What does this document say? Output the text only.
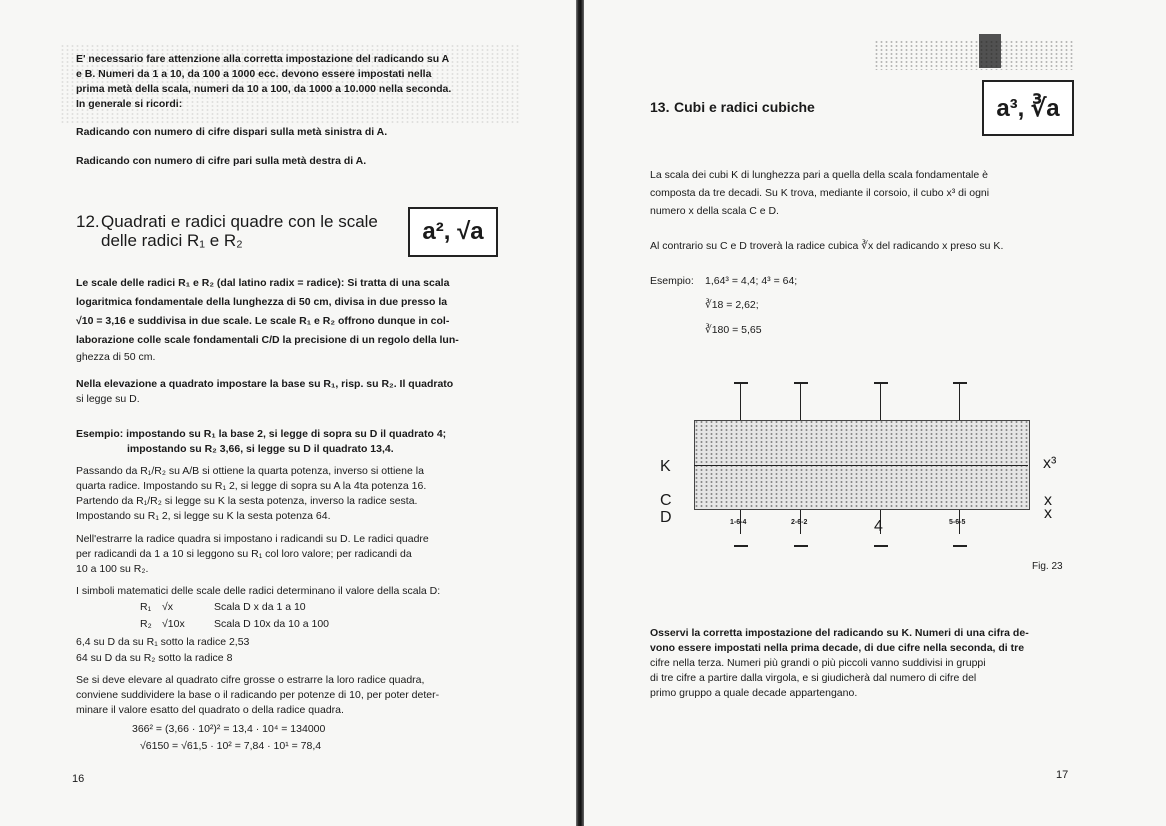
E' necessario fare attenzione alla corretta impostazione del radicando su A
e B. Numeri da 1 a 10, da 100 a 1000 ecc. devono essere impostati nella
prima metà della scala, numeri da 10 a 100, da 1000 a 10.000 nella seconda.
In generale si ricordi:
Radicando con numero di cifre dispari sulla metà sinistra di A.
Radicando con numero di cifre pari sulla metà destra di A.
12. Quadrati e radici quadre con le scale
delle radici R₁ e R₂	a², √a
Le scale delle radici R₁ e R₂ (dal latino radix = radice): Si tratta di una scala
logaritmica fondamentale della lunghezza di 50 cm, divisa in due presso la
√10 = 3,16 e suddivisa in due scale. Le scale R₁ e R₂ offrono dunque in col-
laborazione colle scale fondamentali C/D la precisione di un regolo della lun-
ghezza di 50 cm.
Nella elevazione a quadrato impostare la base su R₁, risp. su R₂. Il quadrato
si legge su D.
Esempio: impostando su R₁ la base 2, si legge di sopra su D il quadrato 4;
impostando su R₂ 3,66, si legge su D il quadrato 13,4.
Passando da R₁/R₂ su A/B si ottiene la quarta potenza, inverso si ottiene la
quarta radice. Impostando su R₁ 2, si legge di sopra su A la 4ta potenza 16.
Partendo da R₁/R₂ si legge su K la sesta potenza, inverso la radice sesta.
Impostando su R₁ 2, si legge su K la sesta potenza 64.
Nell'estrarre la radice quadra si impostano i radicandi su D. Le radici quadre
per radicandi da 1 a 10 si leggono su R₁ col loro valore; per radicandi da
10 a 100 su R₂.
I simboli matematici delle scale delle radici determinano il valore della scala D:
R₁ √x	Scala D x da 1 a 10
R₂ √10x	Scala D 10x da 10 a 100
6,4 su D da su R₁ sotto la radice 2,53
64 su D da su R₂ sotto la radice 8
Se si deve elevare al quadrato cifre grosse o estrarre la loro radice quadra,
conviene suddividere la base o il radicando per potenze di 10, per poter deter-
minare il valore esatto del quadrato o della radice quadra.
366² = (3,66 · 10²)² = 13,4 · 10⁴ = 134000
√6150 = √61,5 · 10² = 7,84 · 10¹ = 78,4
16
13. Cubi e radici cubiche	a³, ∛a
La scala dei cubi K di lunghezza pari a quella della scala fondamentale è
composta da tre decadi. Su K trova, mediante il corsoio, il cubo x³ di ogni
numero x della scala C e D.
Al contrario su C e D troverà la radice cubica ∛x del radicando x preso su K.
Esempio: 1,64³ = 4,4; 4³ = 64;
∛18 = 2,62;
∛180 = 5,65
K
C
D
x³
x
x
1-6-4	2-6-2	4	5-6-5
Fig. 23
Osservi la corretta impostazione del radicando su K. Numeri di una cifra de-
vono essere impostati nella prima decade, di due cifre nella seconda, di tre
cifre nella terza. Numeri più grandi o più piccoli vanno suddivisi in gruppi
di tre cifre a partire dalla virgola, e si giudicherà dal numero di cifre del
primo gruppo a quale decade appartengano.
17
